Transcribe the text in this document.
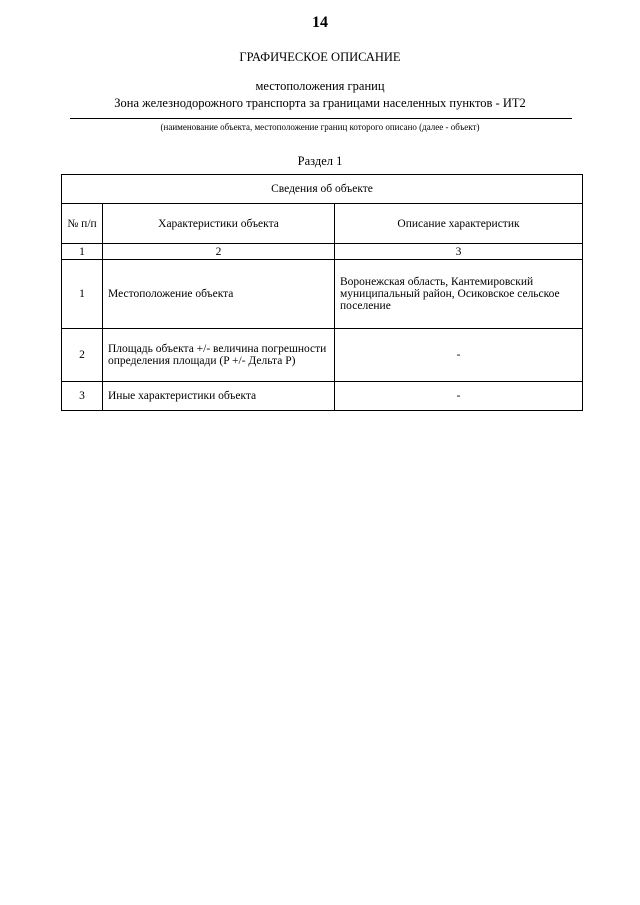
14
ГРАФИЧЕСКОЕ ОПИСАНИЕ
местоположения границ
Зона железнодорожного транспорта за границами населенных пунктов - ИТ2
(наименование объекта, местоположение границ которого описано (далее - объект)
Раздел 1
Сведения об объекте		
№ п/п	Характеристики объекта	Описание характеристик
1	2	3
1	Местоположение объекта	Воронежская область, Кантемировский муниципальный район, Осиковское сельское поселение
2	Площадь объекта +/- величина погрешности определения площади (P +/- Дельта P)	-
3	Иные характеристики объекта	-
